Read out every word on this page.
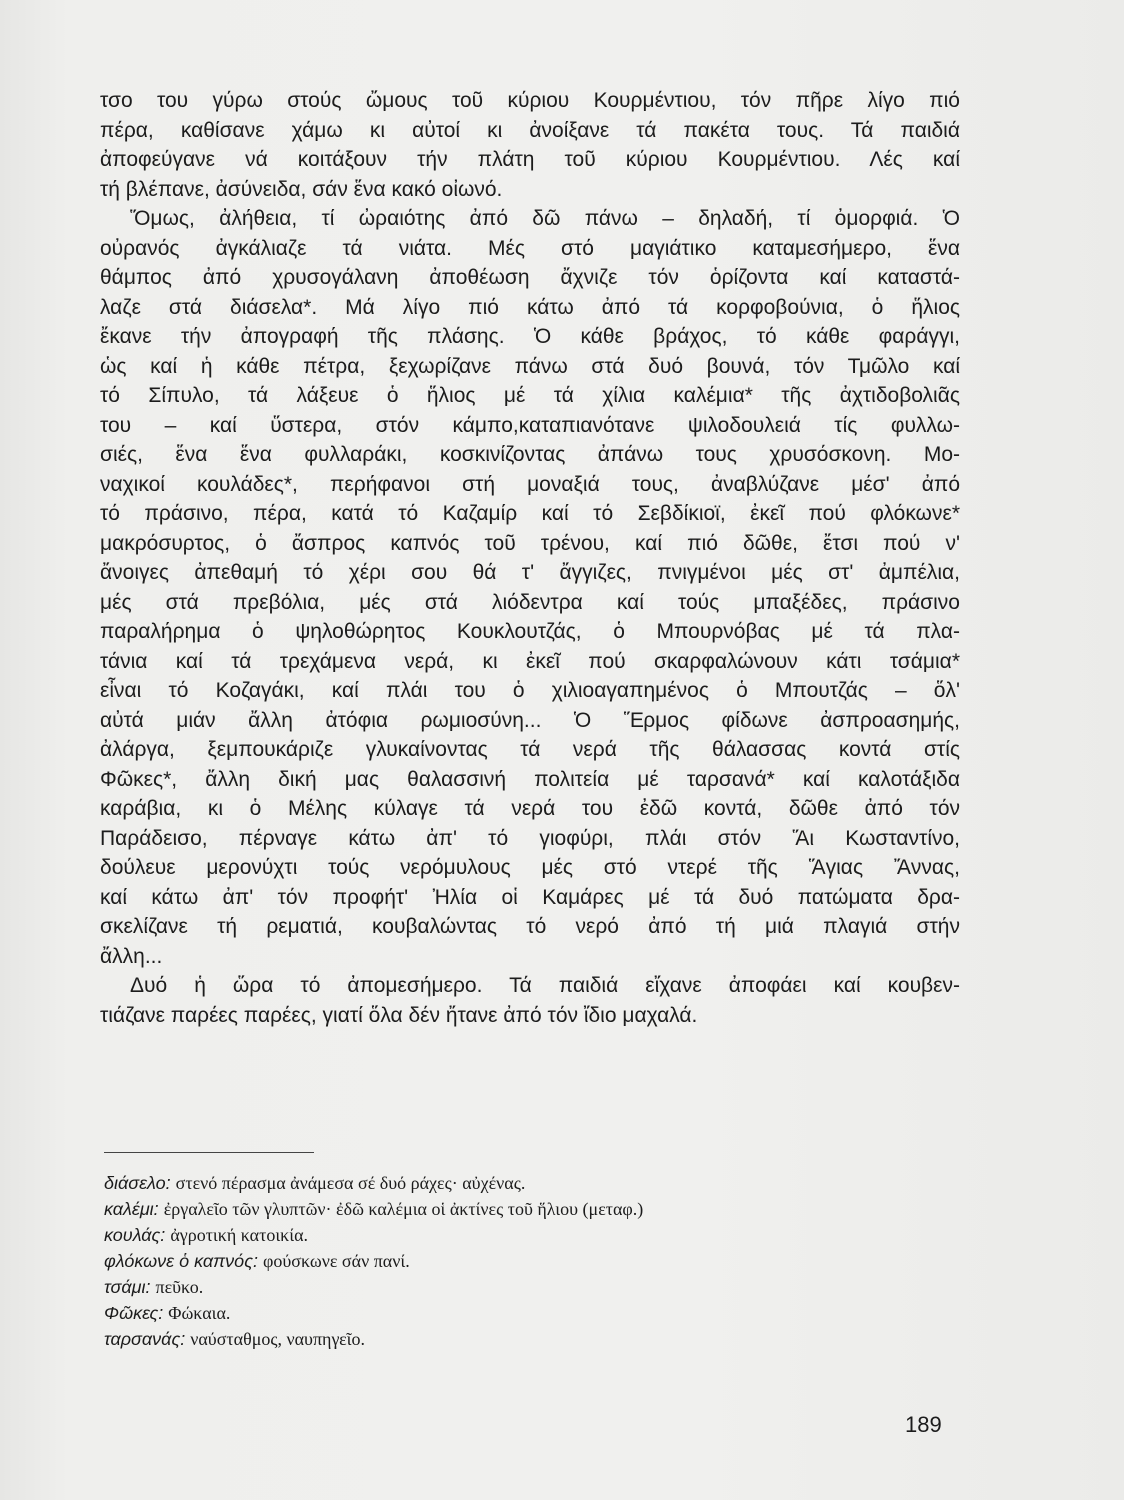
τσο του γύρω στούς ὤμους τοῦ κύριου Κουρμέντιου, τόν πῆρε λίγο πιό
πέρα, καθίσανε χάμω κι αὐτοί κι ἀνοίξανε τά πακέτα τους. Τά παιδιά
ἀποφεύγανε νά κοιτάξουν τήν πλάτη τοῦ κύριου Κουρμέντιου. Λές καί
τή βλέπανε, ἀσύνειδα, σάν ἕνα κακό οἰωνό.
Ὅμως, ἀλήθεια, τί ὠραιότης ἀπό δῶ πάνω – δηλαδή, τί ὀμορφιά. Ὁ
οὐρανός ἀγκάλιαζε τά νιάτα. Μές στό μαγιάτικο καταμεσήμερο, ἕνα
θάμπος ἀπό χρυσογάλανη ἀποθέωση ἄχνιζε τόν ὁρίζοντα καί καταστά-
λαζε στά διάσελα*. Μά λίγο πιό κάτω ἀπό τά κορφοβούνια, ὁ ἥλιος
ἔκανε τήν ἀπογραφή τῆς πλάσης. Ὁ κάθε βράχος, τό κάθε φαράγγι,
ὡς καί ἡ κάθε πέτρα, ξεχωρίζανε πάνω στά δυό βουνά, τόν Τμῶλο καί
τό Σίπυλο, τά λάξευε ὁ ἥλιος μέ τά χίλια καλέμια* τῆς ἀχτιδοβολιᾶς
του – καί ὕστερα, στόν κάμπο,καταπιανότανε ψιλοδουλειά τίς φυλλω-
σιές, ἕνα ἕνα φυλλαράκι, κοσκινίζοντας ἀπάνω τους χρυσόσκονη. Μο-
ναχικοί κουλάδες*, περήφανοι στή μοναξιά τους, ἀναβλύζανε μέσ' ἀπό
τό πράσινο, πέρα, κατά τό Καζαμίρ καί τό Σεβδίκιοϊ, ἐκεῖ πού φλόκωνε*
μακρόσυρτος, ὁ ἄσπρος καπνός τοῦ τρένου, καί πιό δῶθε, ἔτσι πού ν'
ἄνοιγες ἀπεθαμή τό χέρι σου θά τ' ἄγγιζες, πνιγμένοι μές στ' ἀμπέλια,
μές στά πρεβόλια, μές στά λιόδεντρα καί τούς μπαξέδες, πράσινο
παραλήρημα ὁ ψηλοθώρητος Κουκλουτζάς, ὁ Μπουρνόβας μέ τά πλα-
τάνια καί τά τρεχάμενα νερά, κι ἐκεῖ πού σκαρφαλώνουν κάτι τσάμια*
εἶναι τό Κοζαγάκι, καί πλάι του ὁ χιλιοαγαπημένος ὁ Μπουτζάς – ὅλ'
αὐτά μιάν ἄλλη ἀτόφια ρωμιοσύνη... Ὁ Ἕρμος φίδωνε ἀσπροασημής,
ἀλάργα, ξεμπουκάριζε γλυκαίνοντας τά νερά τῆς θάλασσας κοντά στίς
Φῶκες*, ἄλλη δική μας θαλασσινή πολιτεία μέ ταρσανά* καί καλοτάξιδα
καράβια, κι ὁ Μέλης κύλαγε τά νερά του ἐδῶ κοντά, δῶθε ἀπό τόν
Παράδεισο, πέρναγε κάτω ἀπ' τό γιοφύρι, πλάι στόν Ἅι Κωσταντίνο,
δούλευε μερονύχτι τούς νερόμυλους μές στό ντερέ τῆς Ἅγιας Ἄννας,
καί κάτω ἀπ' τόν προφήτ' Ἠλία οἱ Καμάρες μέ τά δυό πατώματα δρα-
σκελίζανε τή ρεματιά, κουβαλώντας τό νερό ἀπό τή μιά πλαγιά στήν
ἄλλη...
Δυό ἡ ὥρα τό ἀπομεσήμερο. Τά παιδιά εἴχανε ἀποφάει καί κουβεν-
τιάζανε παρέες παρέες, γιατί ὅλα δέν ἤτανε ἀπό τόν ἴδιο μαχαλά.
διάσελο: στενό πέρασμα ἀνάμεσα σέ δυό ράχες· αὐχένας.
καλέμι: ἐργαλεῖο τῶν γλυπτῶν· ἐδῶ καλέμια οἱ ἀκτίνες τοῦ ἥλιου (μεταφ.)
κουλάς: ἀγροτική κατοικία.
φλόκωνε ὁ καπνός: φούσκωνε σάν πανί.
τσάμι: πεῦκο.
Φῶκες: Φώκαια.
ταρσανάς: ναύσταθμος, ναυπηγεῖο.
189
